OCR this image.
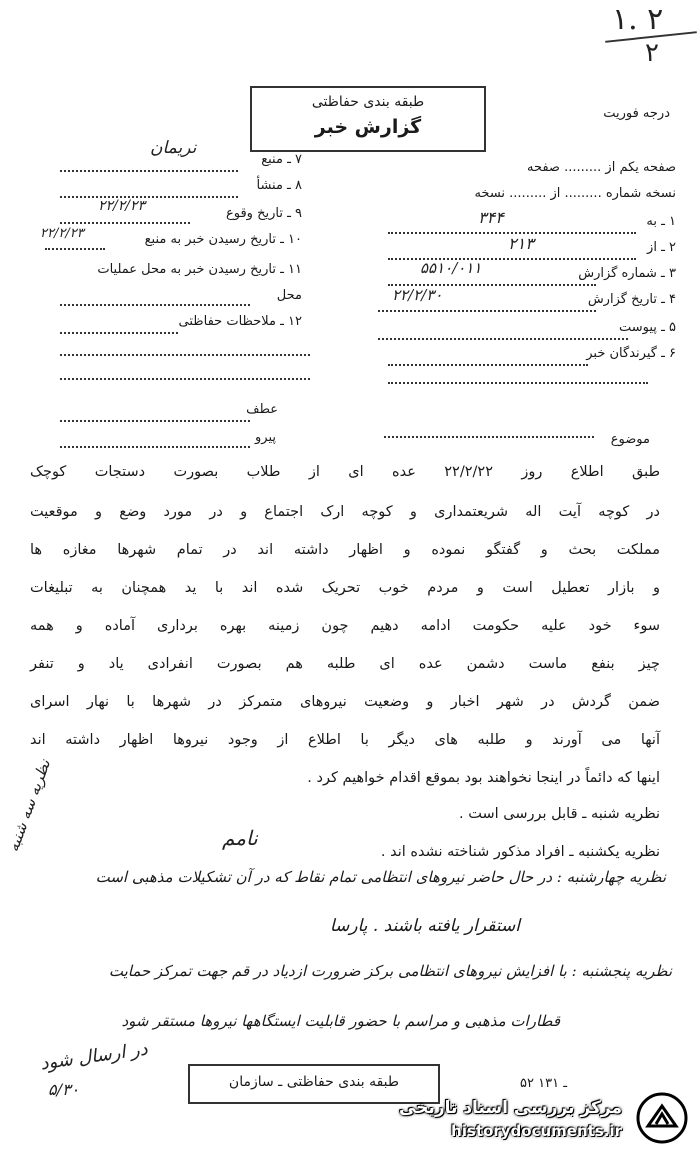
۱. ۲
۲
درجه فوریت
طبقه بندی حفاظتی
گزارش خبر
صفحه یکم از ......... صفحه
نسخه شماره ......... از ......... نسخه
۱ ـ به
۳۴۴
۲ ـ از
۲۱۳
۳ ـ شماره گزارش
۵۵۱۰/۰۱۱
۴ ـ تاریخ گزارش
۲۲/۲/۳۰
۵ ـ پیوست
۶ ـ گیرندگان خبر
۷ ـ منبع
نریمان
۸ ـ منشأ
۹ ـ تاریخ وقوع
۲۲/۲/۲۳
۱۰ ـ تاریخ رسیدن خبر به منبع
۲۲/۲/۲۳
۱۱ ـ تاریخ رسیدن خبر به محل عملیات
محل
۱۲ ـ ملاحظات حفاظتی
عطف
پیرو	موضوع
طبق اطلاع روز ۲۲/۲/۲۲ عده ای از طلاب بصورت دستجات کوچک
در کوچه آیت اله شریعتمداری و کوچه ارک اجتماع و در مورد وضع و موقعیت
مملکت بحث و گفتگو نموده و اظهار داشته اند در تمام شهرها مغازه ها
و بازار تعطیل است و مردم خوب تحریک شده اند با ید همچنان به تبلیغات
سوء خود علیه حکومت ادامه دهیم چون زمینه بهره برداری آماده و همه
چیز بنفع ماست دشمن عده ای طلبه هم بصورت انفرادی یاد و تنفر
ضمن گردش در شهر اخبار و وضعیت نیروهای متمرکز در شهرها با نهار اسرای
آنها می آورند و طلبه های دیگر با اطلاع از وجود نیروها اظهار داشته اند
اینها که دائماً در اینجا نخواهند بود بموقع اقدام خواهیم کرد .
نظریه شنبه ـ قابل بررسی است .
نظریه یکشنبه ـ افراد مذکور شناخته نشده اند .
نامم
نظریه سه شنبه
نظریه چهارشنبه : در حال حاضر نیروهای انتظامی تمام نقاط که در آن تشکیلات مذهبی است
استقرار یافته باشند . پارسا
نظریه پنجشنبه : با افزایش نیروهای انتظامی برکز ضرورت ازدیاد در قم جهت تمرکز حمایت
قطارات مذهبی و مراسم با حضور قابلیت ایستگاهها نیروها مستقر شود
در ارسال شود
۵/۳۰	طبقه بندی حفاظتی ـ سازمان	۵۲ ـ ۱۳۱
مرکز بررسی اسناد تاریخی
historydocuments.ir
